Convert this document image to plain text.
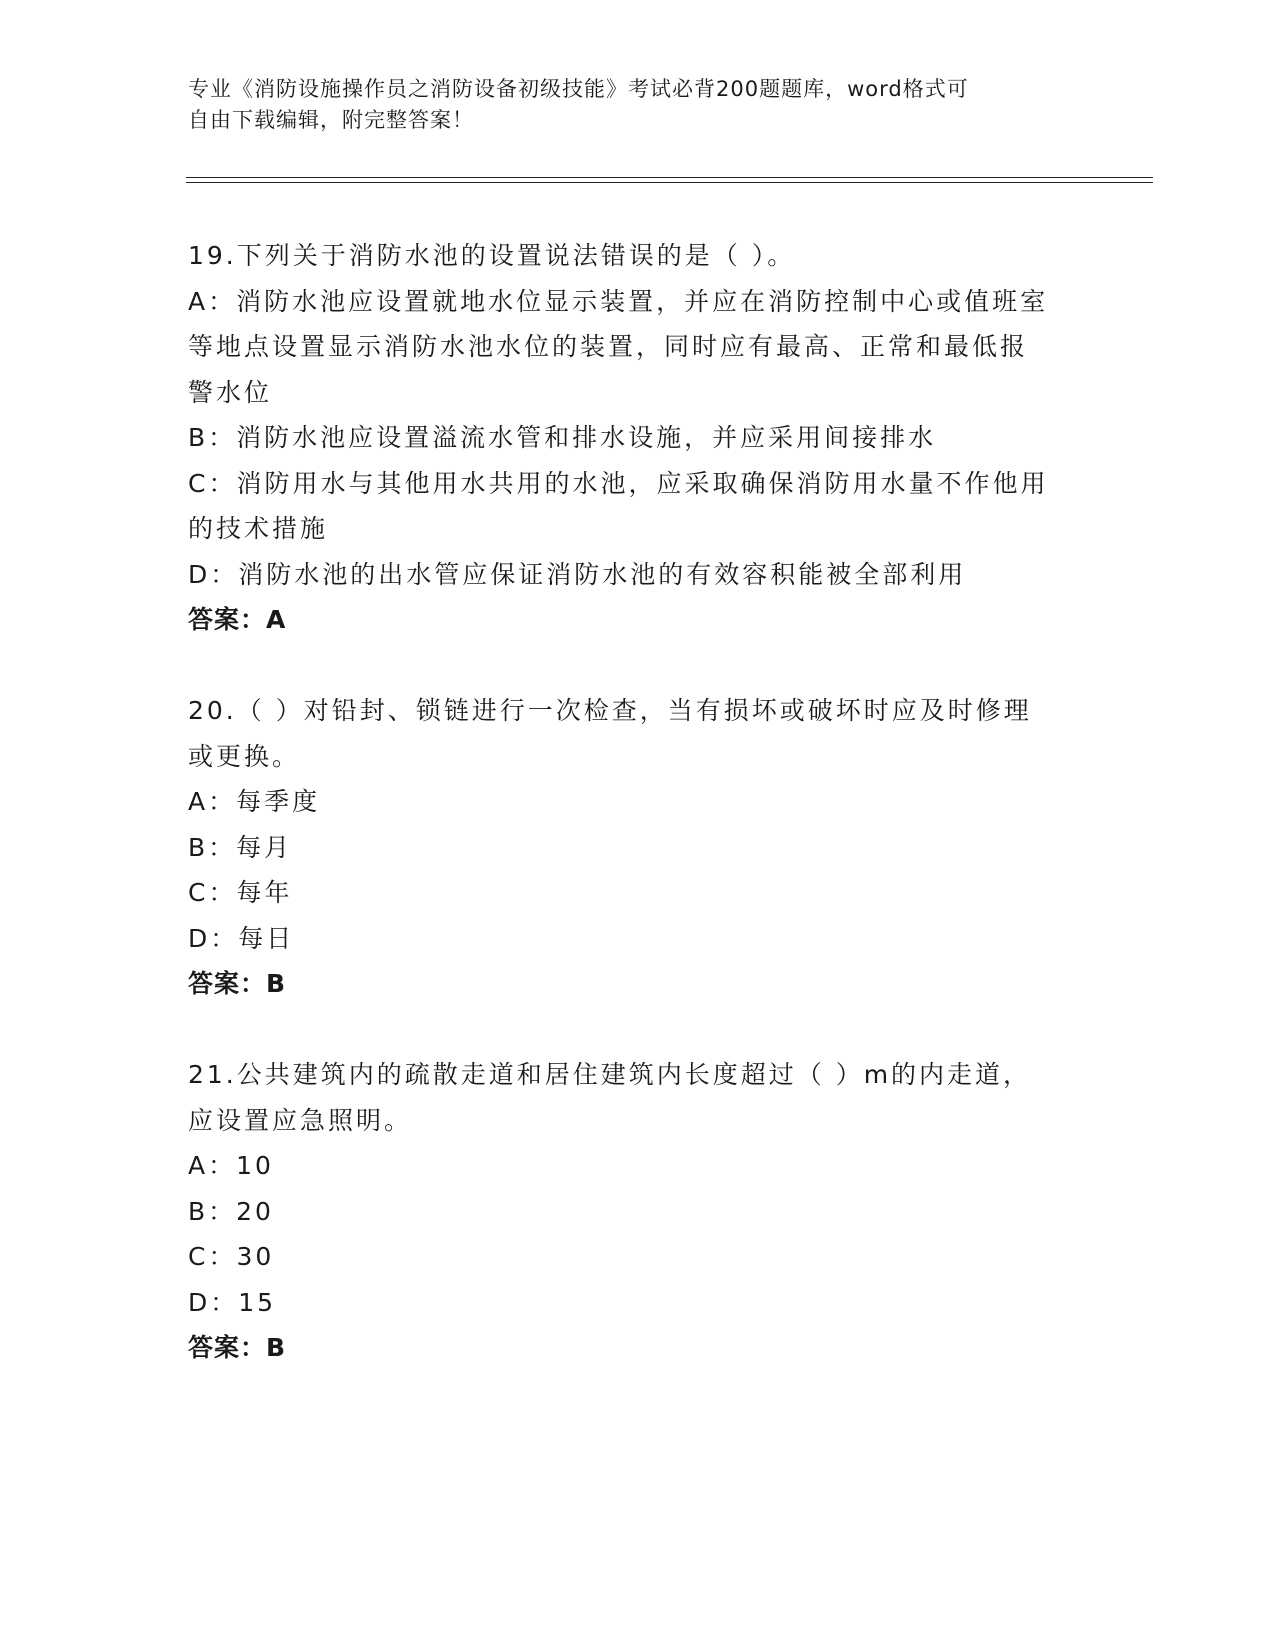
专业《消防设施操作员之消防设备初级技能》考试必背200题题库，word格式可
自由下载编辑，附完整答案！
19.下列关于消防水池的设置说法错误的是（ ）。
A：消防水池应设置就地水位显示装置，并应在消防控制中心或值班室
等地点设置显示消防水池水位的装置，同时应有最高、正常和最低报
警水位
B：消防水池应设置溢流水管和排水设施，并应采用间接排水
C：消防用水与其他用水共用的水池，应采取确保消防用水量不作他用
的技术措施
D：消防水池的出水管应保证消防水池的有效容积能被全部利用
答案：A
20.（ ）对铅封、锁链进行一次检查，当有损坏或破坏时应及时修理
或更换。
A：每季度
B：每月
C：每年
D：每日
答案：B
21.公共建筑内的疏散走道和居住建筑内长度超过（ ）m的内走道，
应设置应急照明。
A：10
B：20
C：30
D：15
答案：B
